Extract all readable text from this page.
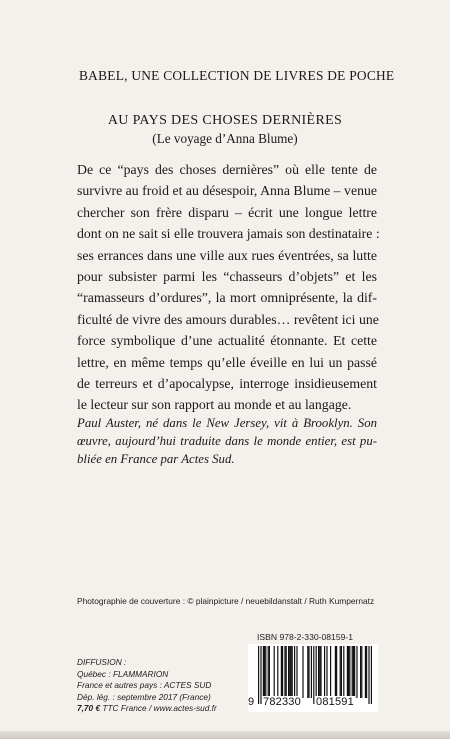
BABEL, UNE COLLECTION DE LIVRES DE POCHE
AU PAYS DES CHOSES DERNIÈRES
(Le voyage d’Anna Blume)
De ce “pays des choses dernières” où elle tente de
survivre au froid et au désespoir, Anna Blume – venue
chercher son frère disparu – écrit une longue lettre
dont on ne sait si elle trouvera jamais son destinataire :
ses errances dans une ville aux rues éventrées, sa lutte
pour subsister parmi les “chasseurs d’objets” et les
“ramasseurs d’ordures”, la mort omniprésente, la dif-
ficulté de vivre des amours durables… revêtent ici une
force symbolique d’une actualité étonnante. Et cette
lettre, en même temps qu’elle éveille en lui un passé
de terreurs et d’apocalypse, interroge insidieusement
le lecteur sur son rapport au monde et au langage.
Paul Auster, né dans le New Jersey, vit à Brooklyn. Son
œuvre, aujourd’hui traduite dans le monde entier, est pu-
bliée en France par Actes Sud.
Photographie de couverture : © plainpicture / neuebildanstalt / Ruth Kumpernatz
DIFFUSION :
Québec : FLAMMARION
France et autres pays : ACTES SUD
Dép. lég. : septembre 2017 (France)
7,70 € TTC France / www.actes-sud.fr
ISBN 978-2-330-08159-1
9 782330 081591
